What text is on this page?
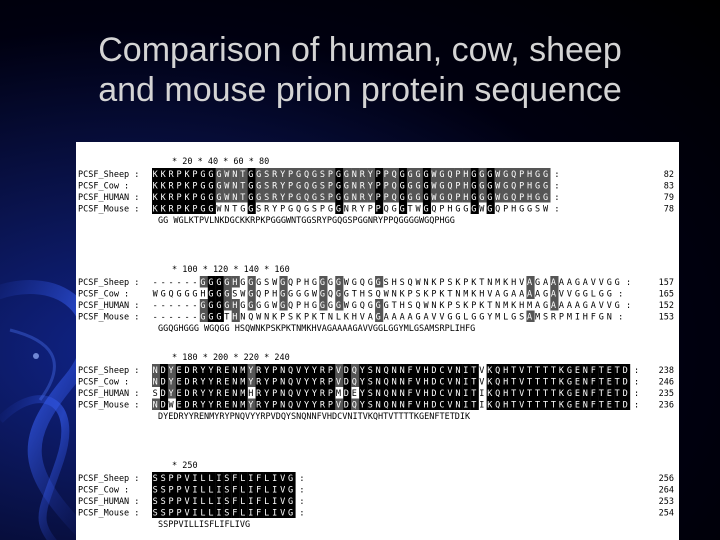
Comparison of human, cow, sheep
and mouse prion protein sequence
* 20 * 40 * 60 * 80
PCSF_Sheep : K K R P K P G G G W N T G G S R Y P G Q G S P G G N R Y P P Q G G G G W G Q P H G G G W G Q P H G G :	82
PCSF_Cow :	K K R P K P G G G W N T G G S R Y P G Q G S P G G N R Y P P Q G G G G W G Q P H G G G W G Q P H G G :	83
PCSF_HUMAN : K K R P K P G G G W N T G G S R Y P G Q G S P G G N R Y P P Q G G G G W G Q P H G G G W G Q P H G G :	79
PCSF_Mouse : K K R P K P G G W N T G G S R Y P G Q G S P G G N R Y P P Q G G T W G Q P H G G G W G Q P H G G S W :	78
GG WGLKTPVLNKDGCKKRPKPGGGWNTGGSRYPGQGSPGGNRYPPQGGGGWGQPHGG
* 100 * 120 * 140 * 160
PCSF_Sheep : - - - - - - G G G G H G G G S W G Q P H G G G G W G Q G G S H S Q W N K P S K P K T N M K H V A G A A A A G A V V G G :	157
PCSF_Cow :	W G Q G G G H G G G S W G Q P H G G G G W G Q G G T H S Q W N K P S K P K T N M K H V A G A A A A G A V V G G L G G :	165
PCSF_HUMAN : - - - - - - G G G G H G G G G W G Q P H G G G G W G Q G G G T H S Q W N K P S K P K T N M K H M A G A A A A G A V V G :	152
PCSF_Mouse : - - - - - - G G G T H N Q W N K P S K P K T N L K H V A G A A A A G A V V G G L G G Y M L G S A M S R P M I H F G N :	153
GGQGHGGG WGQGG HSQWNKPSKPKTNMKHVAGAAAAGAVVGGLGGYMLGSAMSRPLIHFG
* 180 * 200 * 220 * 240
PCSF_Sheep : N D Y E D R Y Y R E N M Y R Y P N Q V Y Y R P V D Q Y S N Q N N F V H D C V N I T V K Q H T V T T T T K G E N F T E T D : 238
PCSF_Cow :	N D Y E D R Y Y R E N M Y R Y P N Q V Y Y R P V D Q Y S N Q N N F V H D C V N I T V K Q H T V T T T T K G E N F T E T D : 246
PCSF_HUMAN : S D Y E D R Y Y R E N M H R Y P N Q V Y Y R P M D E Y S N Q N N F V H D C V N I T I K Q H T V T T T T K G E N F T E T D : 235
PCSF_Mouse : N D W E D R Y Y R E N M Y R Y P N Q V Y Y R P V D Q Y S N Q N N F V H D C V N I T I K Q H T V T T T T K G E N F T E T D : 236
DYEDRYYRENMYRYPNQVYYRPVDQYSNQNNFVHDCVNITVKQHTVTTTTKGENFTETDIK
* 250
PCSF_Sheep : S S P P V I L L I S F L I F L I V G :	256
PCSF_Cow :	S S P P V I L L I S F L I F L I V G :	264
PCSF_HUMAN : S S P P V I L L I S F L I F L I V G :	253
PCSF_Mouse : S S P P V I L L I S F L I F L I V G :	254
SSPPVILLISFLIFLIVG
